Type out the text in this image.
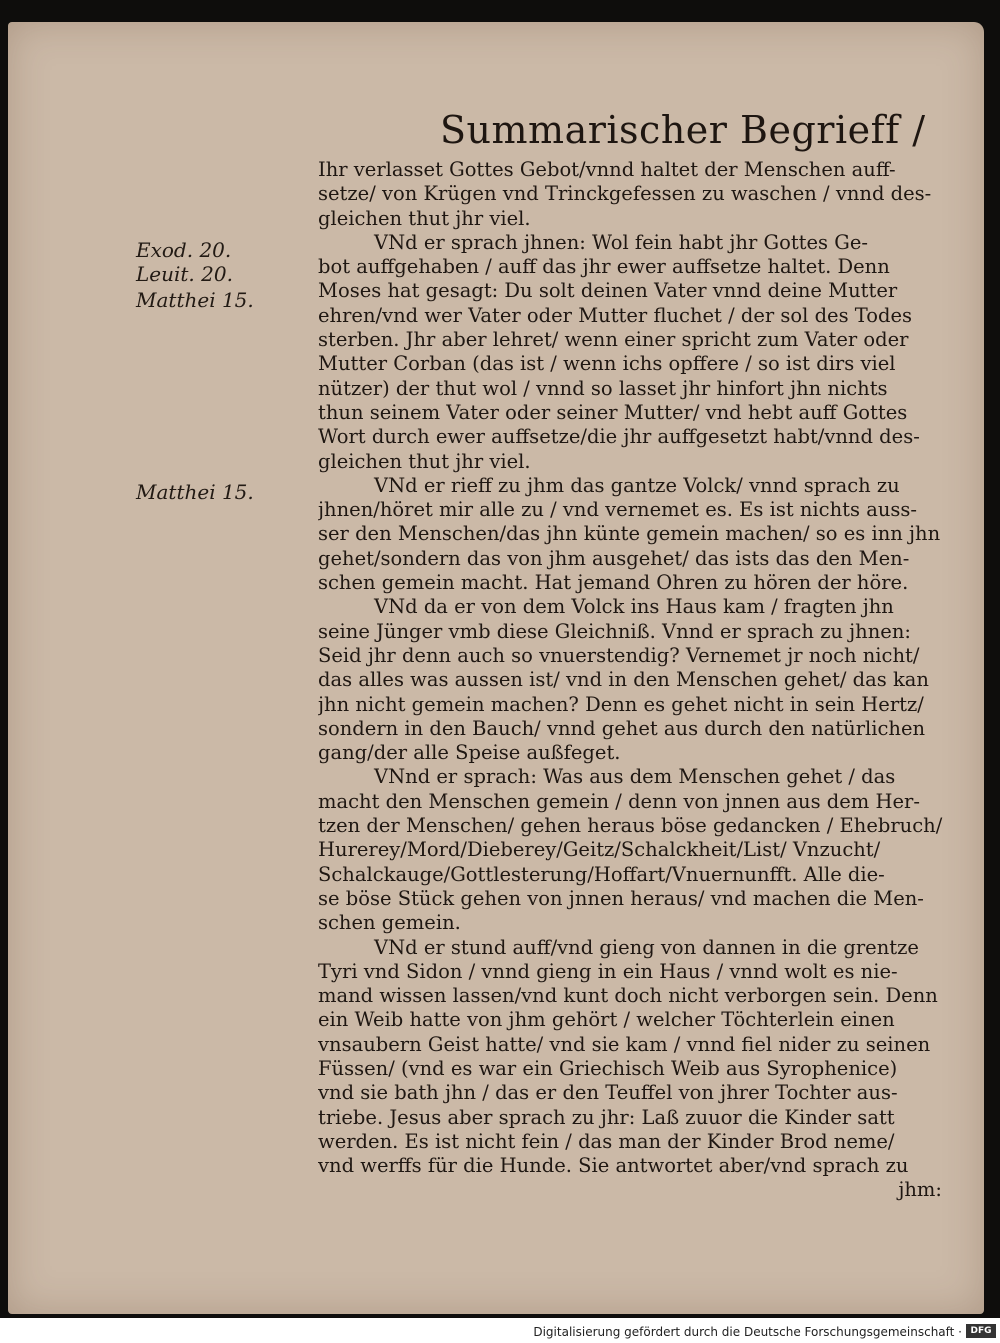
Summarischer Begrieff /
Exod. 20.
Leuit. 20.
Matthei 15.
Matthei 15.
Ihr verlasset Gottes Gebot/vnnd haltet der Menschen auff-
setze/ von Krügen vnd Trinckgefessen zu waschen / vnnd des-
gleichen thut jhr viel.
VNd er sprach jhnen: Wol fein habt jhr Gottes Ge-
bot auffgehaben / auff das jhr ewer auffsetze haltet. Denn
Moses hat gesagt: Du solt deinen Vater vnnd deine Mutter
ehren/vnd wer Vater oder Mutter fluchet / der sol des Todes
sterben. Jhr aber lehret/ wenn einer spricht zum Vater oder
Mutter Corban (das ist / wenn ichs opffere / so ist dirs viel
nützer) der thut wol / vnnd so lasset jhr hinfort jhn nichts
thun seinem Vater oder seiner Mutter/ vnd hebt auff Gottes
Wort durch ewer auffsetze/die jhr auffgesetzt habt/vnnd des-
gleichen thut jhr viel.
VNd er rieff zu jhm das gantze Volck/ vnnd sprach zu
jhnen/höret mir alle zu / vnd vernemet es. Es ist nichts auss-
ser den Menschen/das jhn künte gemein machen/ so es inn jhn
gehet/sondern das von jhm ausgehet/ das ists das den Men-
schen gemein macht. Hat jemand Ohren zu hören der höre.
VNd da er von dem Volck ins Haus kam / fragten jhn
seine Jünger vmb diese Gleichniß. Vnnd er sprach zu jhnen:
Seid jhr denn auch so vnuerstendig? Vernemet jr noch nicht/
das alles was aussen ist/ vnd in den Menschen gehet/ das kan
jhn nicht gemein machen? Denn es gehet nicht in sein Hertz/
sondern in den Bauch/ vnnd gehet aus durch den natürlichen
gang/der alle Speise außfeget.
VNnd er sprach: Was aus dem Menschen gehet / das
macht den Menschen gemein / denn von jnnen aus dem Her-
tzen der Menschen/ gehen heraus böse gedancken / Ehebruch/
Hurerey/Mord/Dieberey/Geitz/Schalckheit/List/ Vnzucht/
Schalckauge/Gottlesterung/Hoffart/Vnuernunfft. Alle die-
se böse Stück gehen von jnnen heraus/ vnd machen die Men-
schen gemein.
VNd er stund auff/vnd gieng von dannen in die grentze
Tyri vnd Sidon / vnnd gieng in ein Haus / vnnd wolt es nie-
mand wissen lassen/vnd kunt doch nicht verborgen sein. Denn
ein Weib hatte von jhm gehört / welcher Töchterlein einen
vnsaubern Geist hatte/ vnd sie kam / vnnd fiel nider zu seinen
Füssen/ (vnd es war ein Griechisch Weib aus Syrophenice)
vnd sie bath jhn / das er den Teuffel von jhrer Tochter aus-
triebe. Jesus aber sprach zu jhr: Laß zuuor die Kinder satt
werden. Es ist nicht fein / das man der Kinder Brod neme/
vnd werffs für die Hunde. Sie antwortet aber/vnd sprach zu
jhm:
Digitalisierung gefördert durch die Deutsche Forschungsgemeinschaft · DFG
